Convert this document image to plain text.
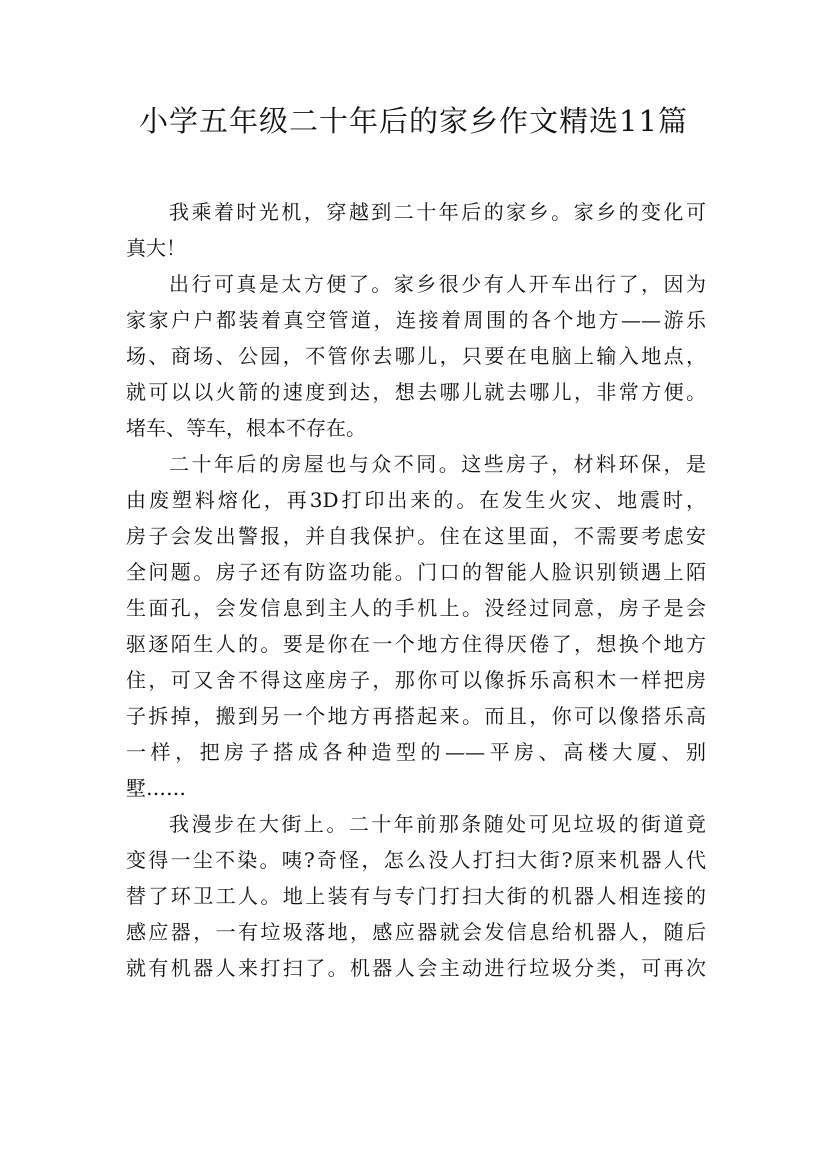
小学五年级二十年后的家乡作文精选11篇
我乘着时光机，穿越到二十年后的家乡。家乡的变化可
真大！
出行可真是太方便了。家乡很少有人开车出行了，因为
家家户户都装着真空管道，连接着周围的各个地方——游乐
场、商场、公园，不管你去哪儿，只要在电脑上输入地点，
就可以以火箭的速度到达，想去哪儿就去哪儿，非常方便。
堵车、等车，根本不存在。
二十年后的房屋也与众不同。这些房子，材料环保，是
由废塑料熔化，再3D打印出来的。在发生火灾、地震时，
房子会发出警报，并自我保护。住在这里面，不需要考虑安
全问题。房子还有防盗功能。门口的智能人脸识别锁遇上陌
生面孔，会发信息到主人的手机上。没经过同意，房子是会
驱逐陌生人的。要是你在一个地方住得厌倦了，想换个地方
住，可又舍不得这座房子，那你可以像拆乐高积木一样把房
子拆掉，搬到另一个地方再搭起来。而且，你可以像搭乐高
一样，把房子搭成各种造型的——平房、高楼大厦、别
墅……
我漫步在大街上。二十年前那条随处可见垃圾的街道竟
变得一尘不染。咦?奇怪，怎么没人打扫大街?原来机器人代
替了环卫工人。地上装有与专门打扫大街的机器人相连接的
感应器，一有垃圾落地，感应器就会发信息给机器人，随后
就有机器人来打扫了。机器人会主动进行垃圾分类，可再次
